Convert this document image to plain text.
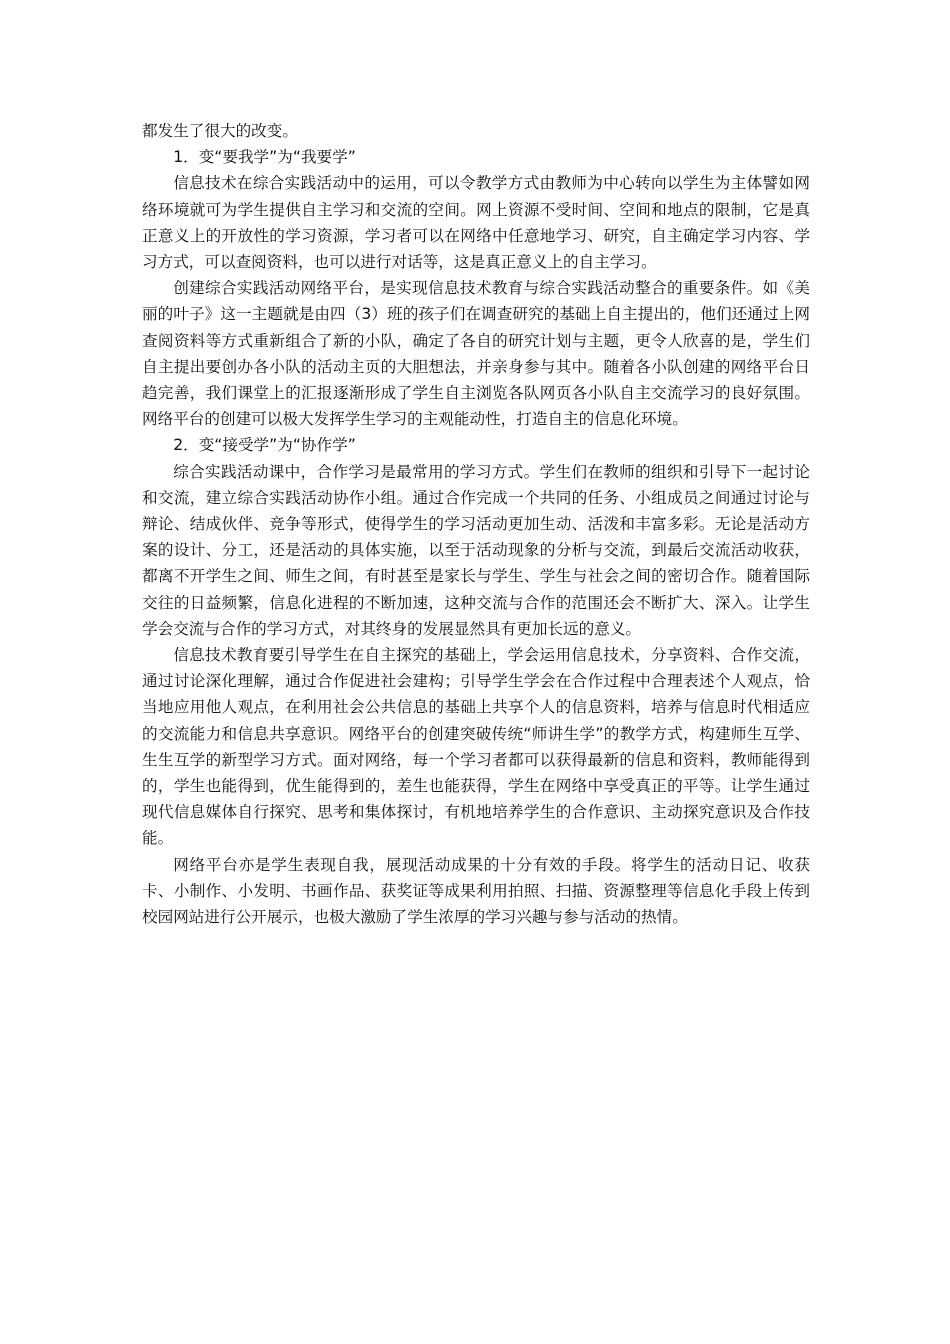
都发生了很大的改变。

1．变“要我学”为“我要学”

信息技术在综合实践活动中的运用，可以令教学方式由教师为中心转向以学生为主体譬如网络环境就可为学生提供自主学习和交流的空间。网上资源不受时间、空间和地点的限制，它是真正意义上的开放性的学习资源，学习者可以在网络中任意地学习、研究，自主确定学习内容、学习方式，可以查阅资料，也可以进行对话等，这是真正意义上的自主学习。

创建综合实践活动网络平台，是实现信息技术教育与综合实践活动整合的重要条件。如《美丽的叶子》这一主题就是由四（3）班的孩子们在调查研究的基础上自主提出的，他们还通过上网查阅资料等方式重新组合了新的小队，确定了各自的研究计划与主题，更令人欣喜的是，学生们自主提出要创办各小队的活动主页的大胆想法，并亲身参与其中。随着各小队创建的网络平台日趋完善，我们课堂上的汇报逐渐形成了学生自主浏览各队网页各小队自主交流学习的良好氛围。网络平台的创建可以极大发挥学生学习的主观能动性，打造自主的信息化环境。

2．变“接受学”为“协作学”

综合实践活动课中，合作学习是最常用的学习方式。学生们在教师的组织和引导下一起讨论和交流，建立综合实践活动协作小组。通过合作完成一个共同的任务、小组成员之间通过讨论与辩论、结成伙伴、竞争等形式，使得学生的学习活动更加生动、活泼和丰富多彩。无论是活动方案的设计、分工，还是活动的具体实施，以至于活动现象的分析与交流，到最后交流活动收获，都离不开学生之间、师生之间，有时甚至是家长与学生、学生与社会之间的密切合作。随着国际交往的日益频繁，信息化进程的不断加速，这种交流与合作的范围还会不断扩大、深入。让学生学会交流与合作的学习方式，对其终身的发展显然具有更加长远的意义。

信息技术教育要引导学生在自主探究的基础上，学会运用信息技术，分享资料、合作交流，通过讨论深化理解，通过合作促进社会建构；引导学生学会在合作过程中合理表述个人观点，恰当地应用他人观点，在利用社会公共信息的基础上共享个人的信息资料，培养与信息时代相适应的交流能力和信息共享意识。网络平台的创建突破传统“师讲生学”的教学方式，构建师生互学、生生互学的新型学习方式。面对网络，每一个学习者都可以获得最新的信息和资料，教师能得到的，学生也能得到，优生能得到的，差生也能获得，学生在网络中享受真正的平等。让学生通过现代信息媒体自行探究、思考和集体探讨，有机地培养学生的合作意识、主动探究意识及合作技能。

网络平台亦是学生表现自我，展现活动成果的十分有效的手段。将学生的活动日记、收获卡、小制作、小发明、书画作品、获奖证等成果利用拍照、扫描、资源整理等信息化手段上传到校园网站进行公开展示，也极大激励了学生浓厚的学习兴趣与参与活动的热情。
